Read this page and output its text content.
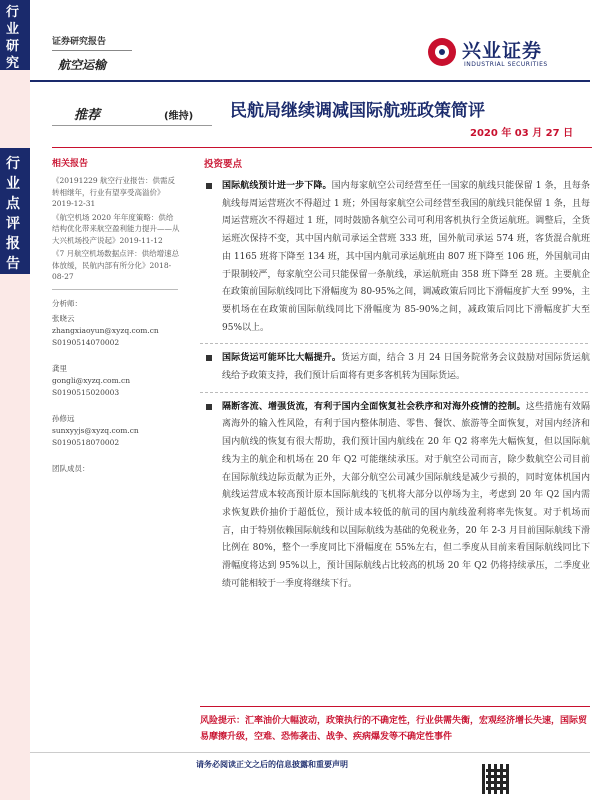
行业研究
行业点评报告
证券研究报告
航空运输
兴业证券
INDUSTRIAL SECURITIES
推荐	(维持) 民航局继续调减国际航班政策简评
2020 年 03 月 27 日
相关报告
《20191229 航空行业报告：供需反转相继年，行业有望享受高溢价》2019-12-31
《航空机场 2020 年年度策略：供给结构优化带来航空盈利能力提升——从大兴机场投产说起》2019-11-12
《7 月航空机场数据点评：供给增速总体放缓，民航内部有所分化》2018-08-27
分析师：
张晓云
zhangxiaoyun@xyzq.com.cn
S0190514070002
龚里
gongli@xyzq.com.cn
S0190515020003
孙修远
sunxyyjs@xyzq.com.cn
S0190518070002
团队成员：
投资要点
国际航线预计进一步下降。国内每家航空公司经营至任一国家的航线只能保留 1 条，且每条航线每周运营班次不得超过 1 班；外国每家航空公司经营至我国的航线只能保留 1 条，且每周运营班次不得超过 1 班，同时鼓励各航空公司可利用客机执行全货运航班。调整后，全货运班次保持不变，其中国内航司承运全营班 333 班，国外航司承运 574 班，客货混合航班由 1165 班将下降至 134 班，其中国内航司承运航班由 807 班下降至 106 班，外国航司由于限制较严，每家航空公司只能保留一条航线，承运航班由 358 班下降至 28 班。主要航企在政策前国际航线同比下滑幅度为 80-95%之间，调减政策后同比下滑幅度扩大至 99%，主要机场在在政策前国际航线同比下滑幅度为 85-90%之间，减政策后同比下滑幅度扩大至 95%以上。
国际货运可能环比大幅提升。货运方面，结合 3 月 24 日国务院常务会议鼓励对国际货运航线给予政策支持，我们预计后面将有更多客机转为国际货运。
隔断客流、增强货流，有利于国内全面恢复社会秩序和对海外疫情的控制。这些措施有效隔离海外的输入性风险，有利于国内整体制造、零售、餐饮、旅游等全面恢复，对国内经济和国内航线的恢复有很大帮助，我们预计国内航线在 20 年 Q2 将率先大幅恢复，但以国际航线为主的航企和机场在 20 年 Q2 可能继续承压。对于航空公司而言，除少数航空公司目前在国际航线边际贡献为正外，大部分航空公司减少国际航线是减少亏损的，同时宽体机国内航线运营成本较高预计原本国际航线的飞机将大部分以停场为主，考虑到 20 年 Q2 国内需求恢复跌价抽价于超低位，预计成本较低的航司的国内航线盈利将率先恢复。对于机场而言，由于特别依赖国际航线和以国际航线为基础的免税业务，20 年 2-3 月目前国际航线下滑比例在 80%，整个一季度同比下滑幅度在 55%左右，但二季度从目前来看国际航线同比下滑幅度将达到 95%以上，预计国际航线占比较高的机场 20 年 Q2 仍将持续承压，二季度业绩可能相较于一季度将继续下行。
风险提示：汇率油价大幅波动，政策执行的不确定性，行业供需失衡，宏观经济增长失速，国际贸易摩擦升级，空难、恐怖袭击、战争、疾病爆发等不确定性事件
请务必阅读正文之后的信息披露和重要声明
